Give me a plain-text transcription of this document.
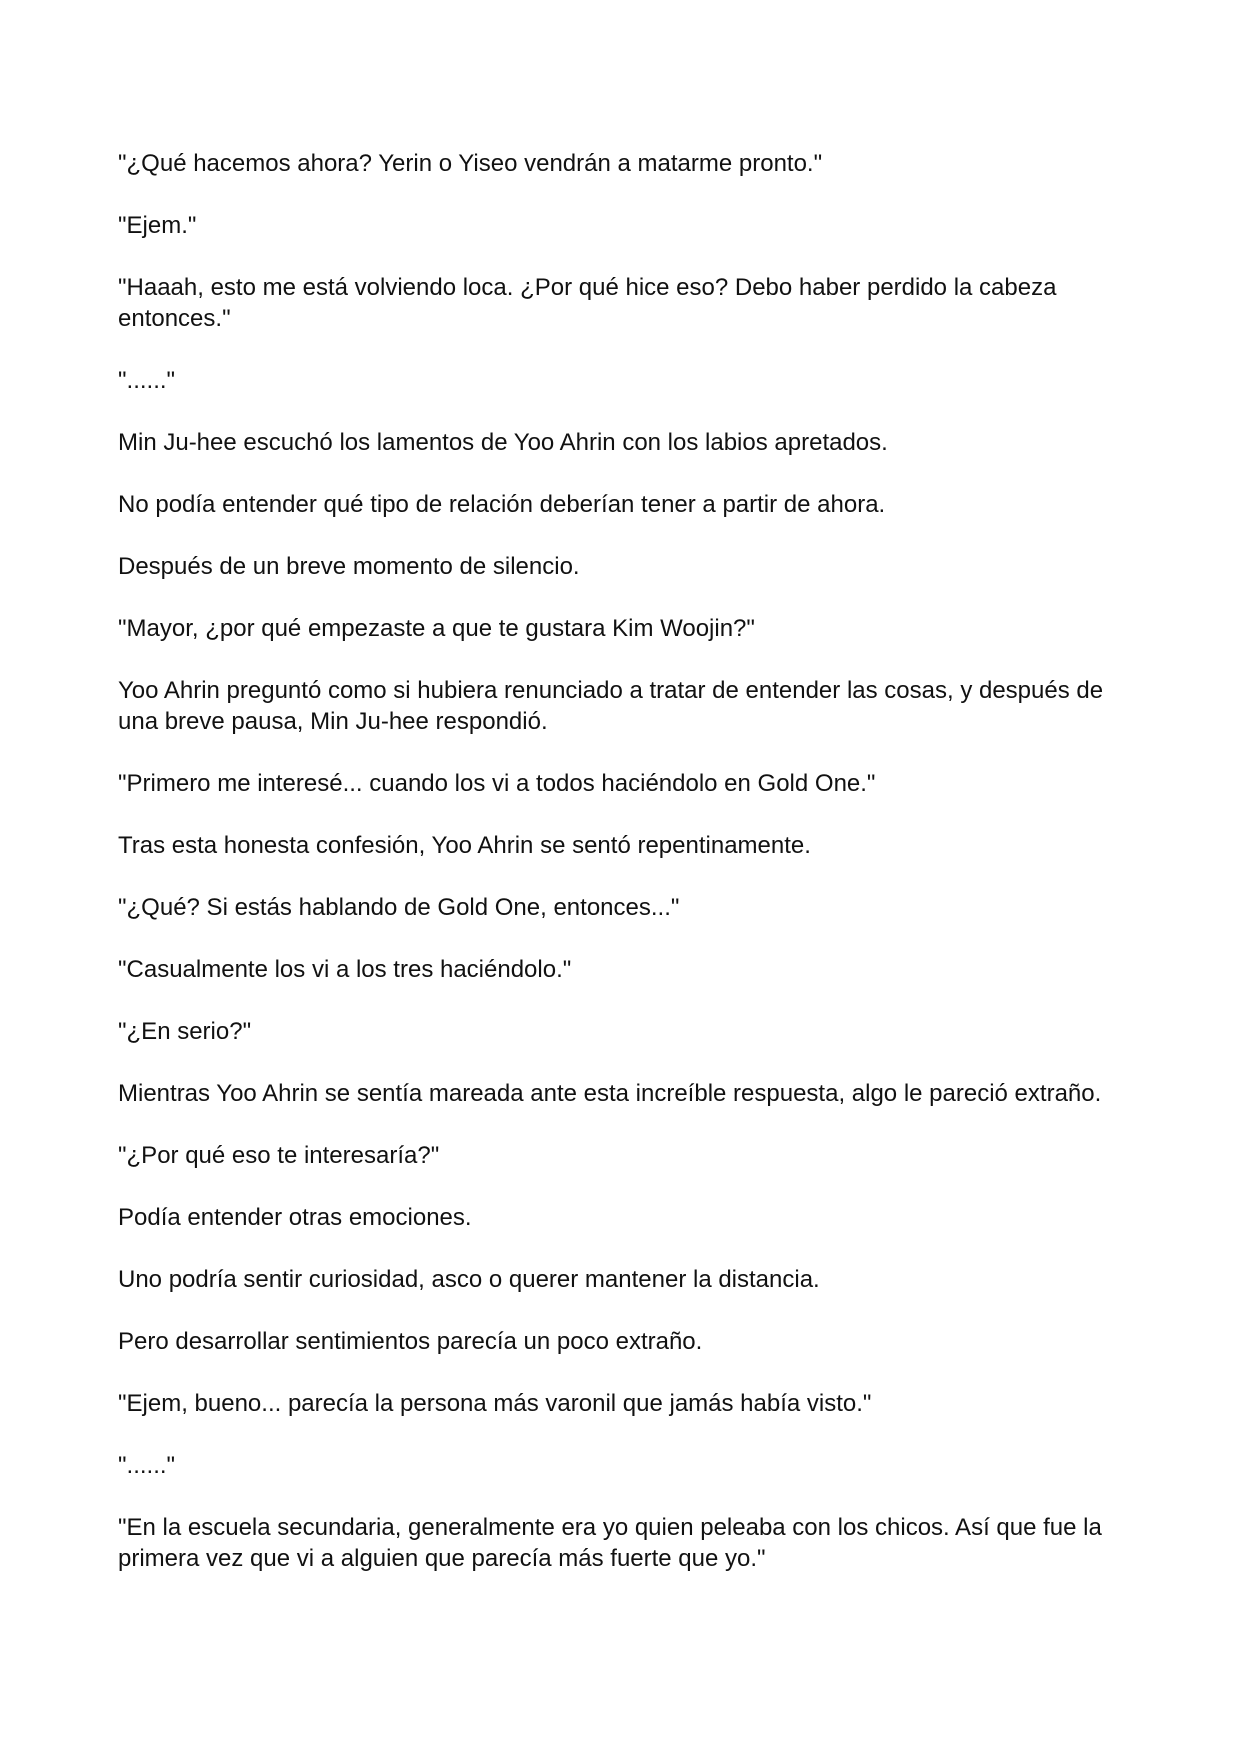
"¿Qué hacemos ahora? Yerin o Yiseo vendrán a matarme pronto."

"Ejem."

"Haaah, esto me está volviendo loca. ¿Por qué hice eso? Debo haber perdido la cabeza entonces."

"......"

Min Ju-hee escuchó los lamentos de Yoo Ahrin con los labios apretados.

No podía entender qué tipo de relación deberían tener a partir de ahora.

Después de un breve momento de silencio.

"Mayor, ¿por qué empezaste a que te gustara Kim Woojin?"

Yoo Ahrin preguntó como si hubiera renunciado a tratar de entender las cosas, y después de una breve pausa, Min Ju-hee respondió.

"Primero me interesé... cuando los vi a todos haciéndolo en Gold One."

Tras esta honesta confesión, Yoo Ahrin se sentó repentinamente.

"¿Qué? Si estás hablando de Gold One, entonces..."

"Casualmente los vi a los tres haciéndolo."

"¿En serio?"

Mientras Yoo Ahrin se sentía mareada ante esta increíble respuesta, algo le pareció extraño.

"¿Por qué eso te interesaría?"

Podía entender otras emociones.

Uno podría sentir curiosidad, asco o querer mantener la distancia.

Pero desarrollar sentimientos parecía un poco extraño.

"Ejem, bueno... parecía la persona más varonil que jamás había visto."

"......"

"En la escuela secundaria, generalmente era yo quien peleaba con los chicos. Así que fue la primera vez que vi a alguien que parecía más fuerte que yo."
